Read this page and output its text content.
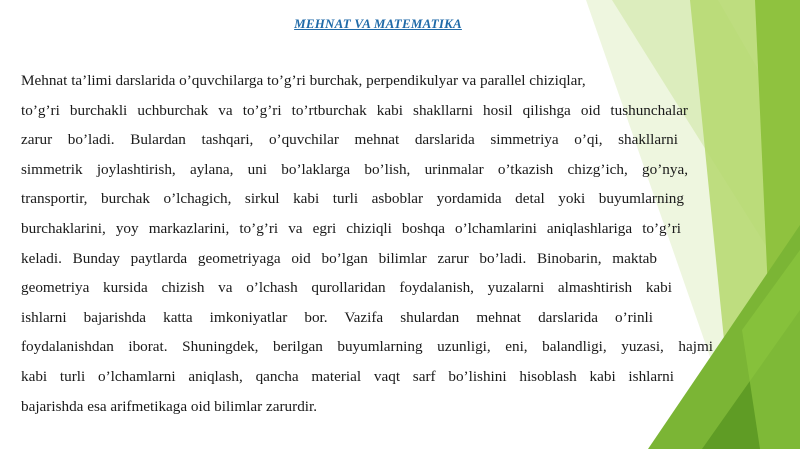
MEHNAT VA MATEMATIKA
Mehnat ta’limi darslarida o’quvchilarga to’g’ri burchak, perpendikulyar va parallel chiziqlar,
to’g’ri burchakli uchburchak va to’g’ri to’rtburchak kabi shakllarni hosil qilishga oid tushunchalar
zarur bo’ladi. Bulardan tashqari, o’quvchilar mehnat darslarida simmetriya o’qi, shakllarni
simmetrik joylashtirish, aylana, uni bo’laklarga bo’lish, urinmalar o’tkazish chizg’ich, go’nya,
transportir, burchak o’lchagich, sirkul kabi turli asboblar yordamida detal yoki buyumlarning
burchaklarini, yoy markazlarini, to’g’ri va egri chiziqli boshqa o’lchamlarini aniqlashlariga to’g’ri
keladi. Bunday paytlarda geometriyaga oid bo’lgan bilimlar zarur bo’ladi. Binobarin, maktab
geometriya kursida chizish va o’lchash qurollaridan foydalanish, yuzalarni almashtirish kabi
ishlarni bajarishda katta imkoniyatlar bor. Vazifa shulardan mehnat darslarida o’rinli
foydalanishdan iborat. Shuningdek, berilgan buyumlarning uzunligi, eni, balandligi, yuzasi, hajmi
kabi turli o’lchamlarni aniqlash, qancha material vaqt sarf bo’lishini hisoblash kabi ishlarni
bajarishda esa arifmetikaga oid bilimlar zarurdir.
